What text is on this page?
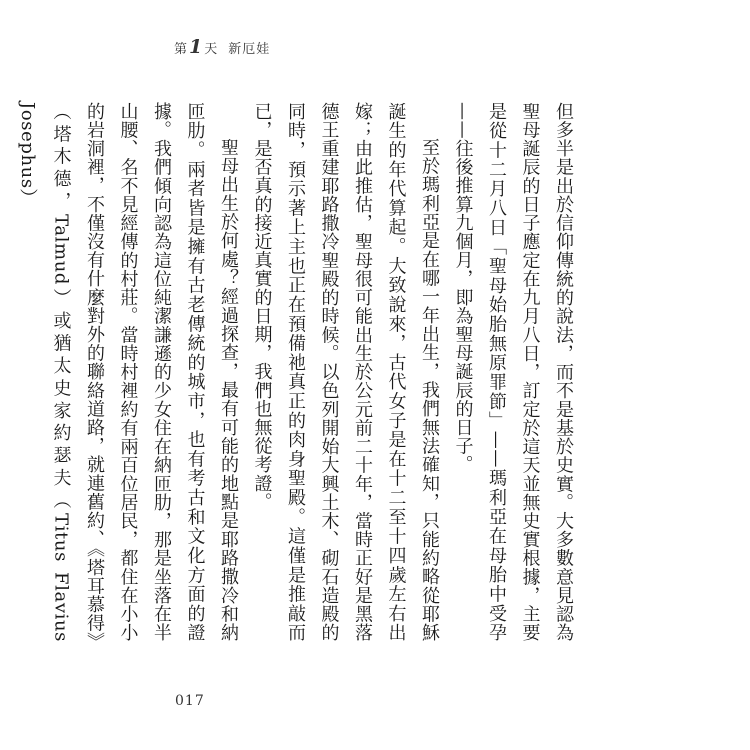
第1天 新厄娃

但多半是出於信仰傳統的說法，而不是基於史實。大多數意見認為聖母誕辰的日子應定在九月八日，訂定於這天並無史實根據，主要是從十二月八日「聖母始胎無原罪節」——瑪利亞在母胎中受孕——往後推算九個月，即為聖母誕辰的日子。

至於瑪利亞是在哪一年出生，我們無法確知，只能約略從耶穌誕生的年代算起。大致說來，古代女子是在十二至十四歲左右出嫁；由此推估，聖母很可能出生於公元前二十年，當時正好是黑落德王重建耶路撒冷聖殿的時候。以色列開始大興土木、砌石造殿的同時，預示著上主也正在預備祂真正的肉身聖殿。這僅是推敲而已，是否真的接近真實的日期，我們也無從考證。

聖母出生於何處？經過探查，最有可能的地點是耶路撒冷和納匝肋。兩者皆是擁有古老傳統的城市，也有考古和文化方面的證據。我們傾向認為這位純潔謙遜的少女住在納匝肋，那是坐落在半山腰、名不見經傳的村莊。當時村裡約有兩百位居民，都住在小小的岩洞裡，不僅沒有什麼對外的聯絡道路，就連舊約、《塔耳慕得》（塔木德，Talmud）或猶太史家約瑟夫（Titus Flavius Josephus）

017
